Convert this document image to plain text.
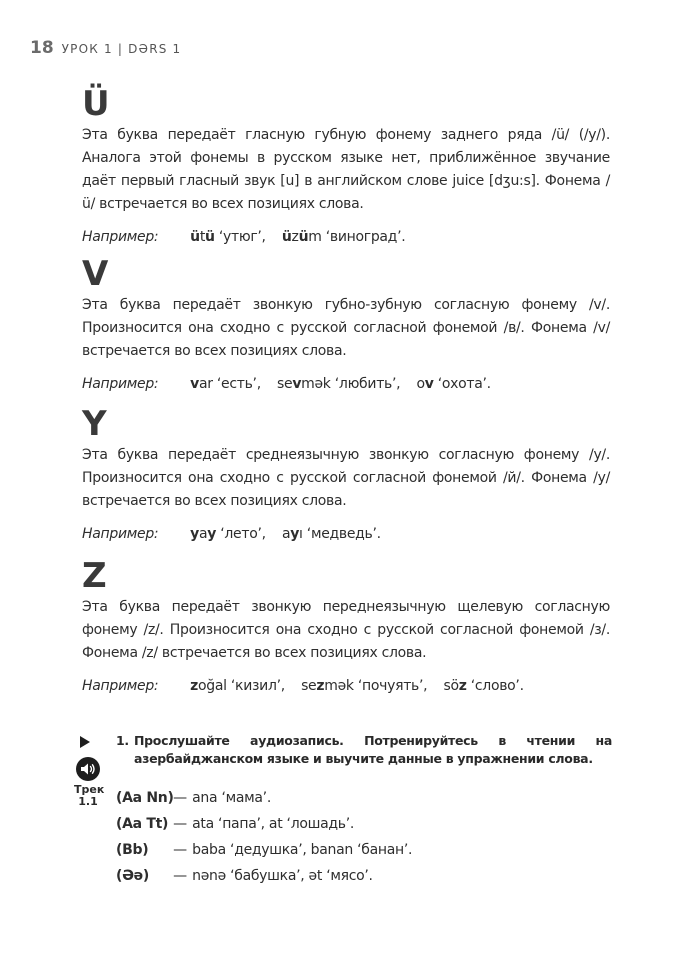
18 УРОК 1 | DƏRS 1
Ü

Эта буква передаёт гласную губную фонему заднего ряда /ü/ (/y/). Аналога этой фонемы в русском языке нет, приближённое звучание даёт первый гласный звук [u] в английском слове juice [dʒu:s]. Фонема /ü/ встречается во всех позициях слова.

Например: ütü ‘утюг’, üzüm ‘виноград’.
V

Эта буква передаёт звонкую губно-зубную согласную фонему /v/. Произносится она сходно с русской согласной фонемой /в/. Фонема /v/ встречается во всех позициях слова.

Например: var ‘есть’, sevmək ‘любить’, ov ‘охота’.
Y

Эта буква передаёт среднеязычную звонкую согласную фонему /y/. Произносится она сходно с русской согласной фонемой /й/. Фонема /y/ встречается во всех позициях слова.

Например: yay ‘лето’, ayı ‘медведь’.
Z

Эта буква передаёт звонкую переднеязычную щелевую согласную фонему /z/. Произносится она сходно с русской согласной фонемой /з/. Фонема /z/ встречается во всех позициях слова.

Например: zoğal ‘кизил’, sezmək ‘почуять’, söz ‘слово’.
1. Прослушайте аудиозапись. Потренируйтесь в чтении на азербайджанском языке и выучите данные в упражнении слова.
Трек 1.1	(Aa Nn)— ana ‘мама’.
(Aa Tt) — ata ‘папа’, at ‘лошадь’.
(Bb) — baba ‘дедушка’, banan ‘банан’.
(Əə) — nənə ‘бабушка’, ət ‘мясо’.
